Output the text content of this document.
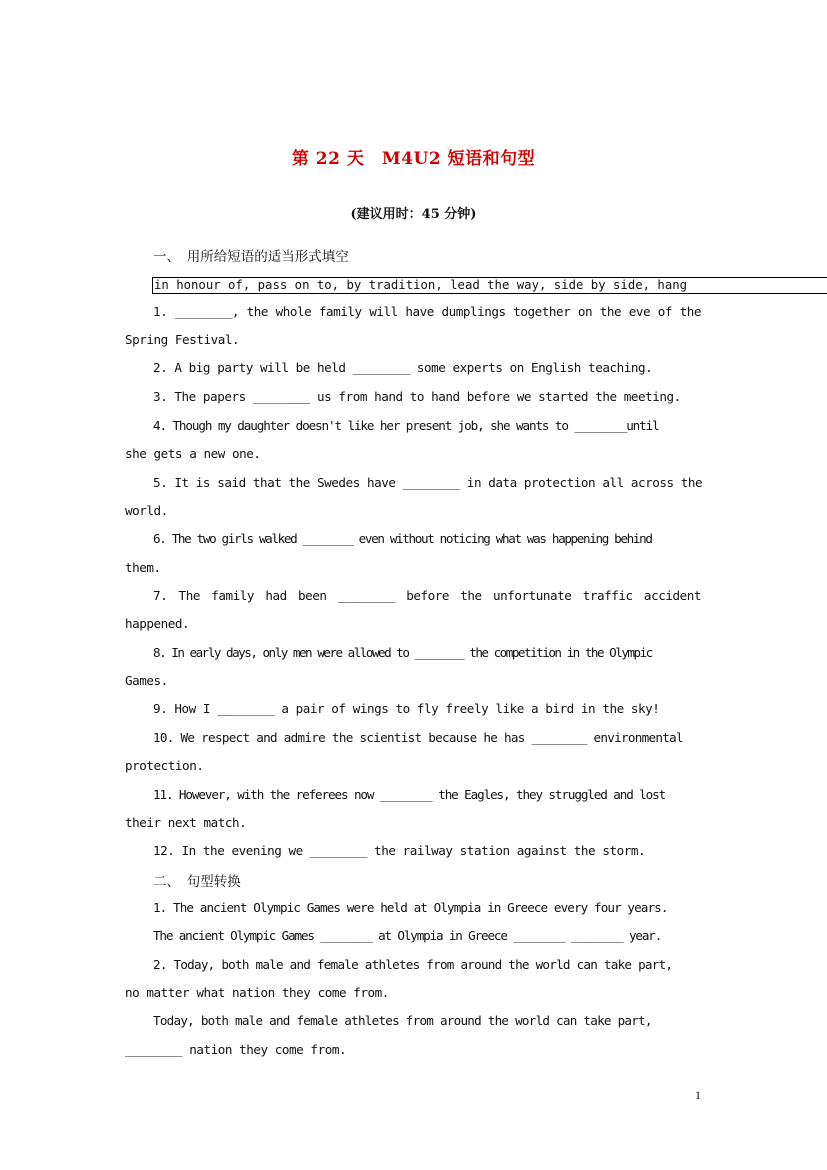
第 22 天　M4U2 短语和句型
(建议用时：45 分钟)
一、　用所给短语的适当形式填空
in honour of, pass on to, by tradition, lead the way, side by side, hang
1. ________, the whole family will have dumplings together on the eve of the
Spring Festival.
2. A big party will be held ________ some experts on English teaching.
3. The papers ________ us from hand to hand before we started the meeting.
4. Though my daughter doesn't like her present job, she wants to ________until
she gets a new one.
5. It is said that the Swedes have ________ in data protection all across the
world.
6. The two girls walked ________ even without noticing what was happening behind
them.
7. The family had been ________ before the unfortunate traffic accident
happened.
8. In early days, only men were allowed to ________ the competition in the Olympic
Games.
9. How I ________ a pair of wings to fly freely like a bird in the sky!
10. We respect and admire the scientist because he has ________ environmental
protection.
11. However, with the referees now ________ the Eagles, they struggled and lost
their next match.
12. In the evening we ________ the railway station against the storm.
二、　句型转换
1. The ancient Olympic Games were held at Olympia in Greece every four years.
The ancient Olympic Games ________ at Olympia in Greece ________ ________ year.
2. Today, both male and female athletes from around the world can take part,
no matter what nation they come from.
Today, both male and female athletes from around the world can take part,
________ nation they come from.
1
